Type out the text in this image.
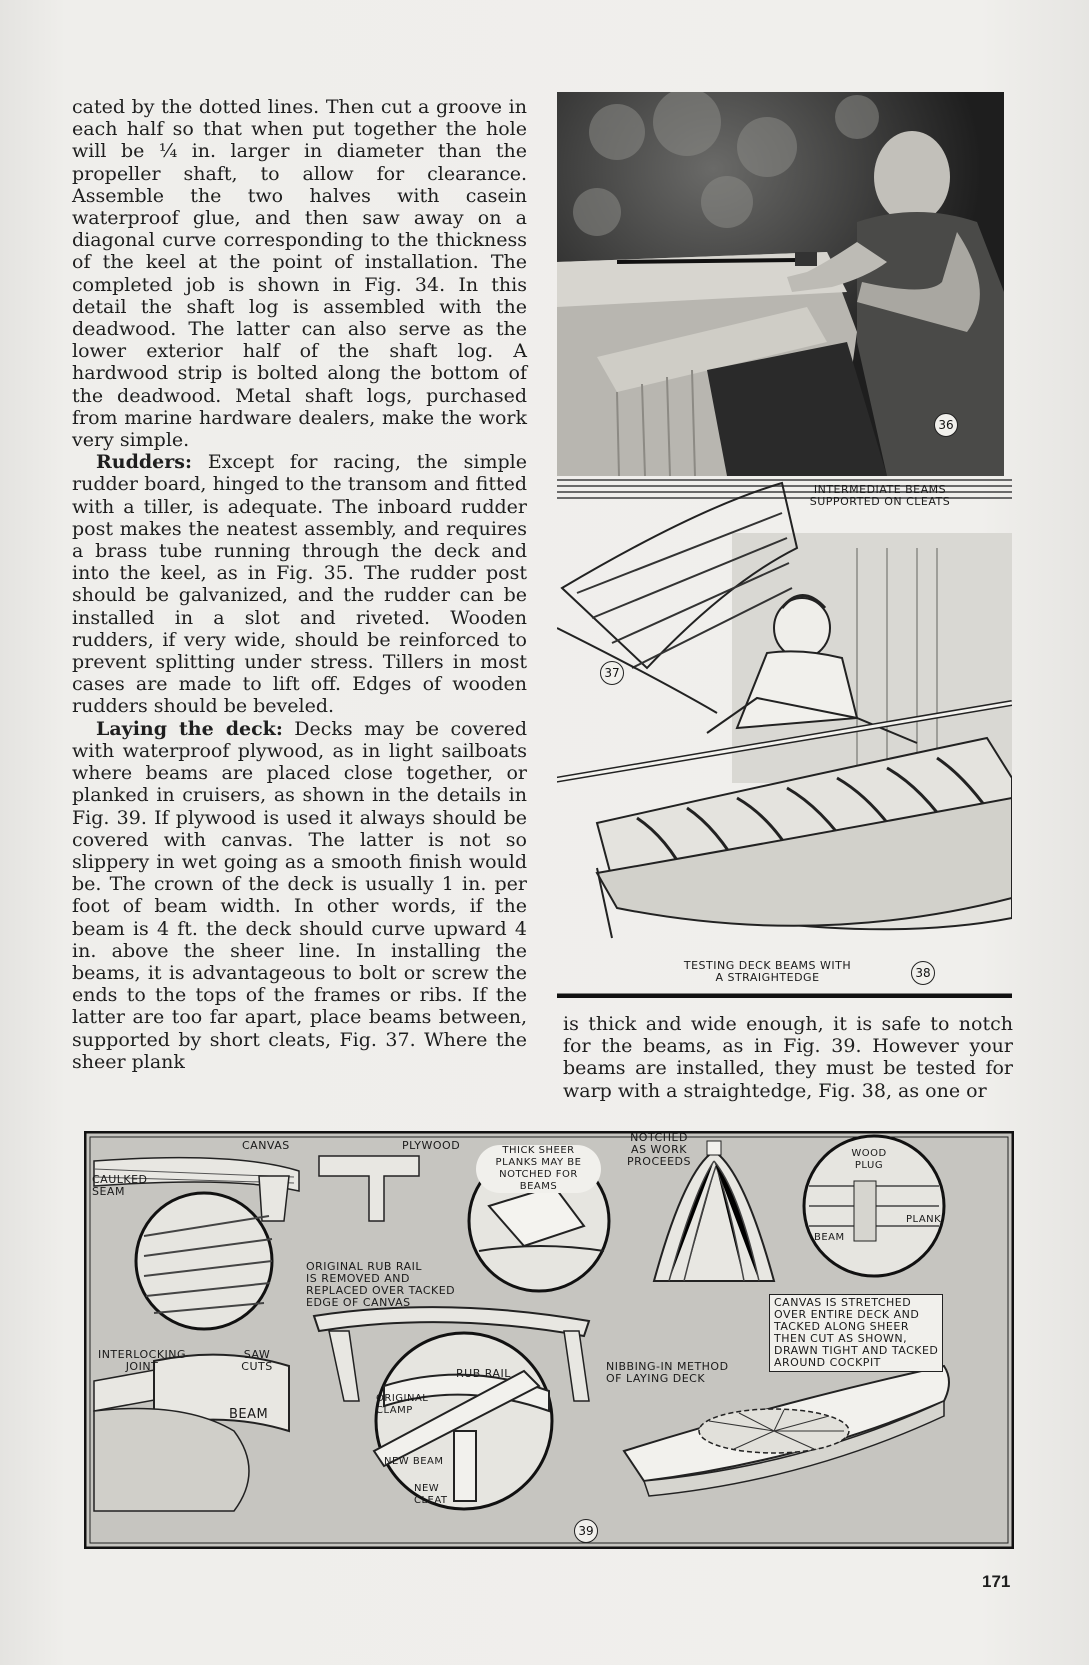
cated by the dotted lines. Then cut a groove in each half so that when put together the hole will be ¼ in. larger in diameter than the propeller shaft, to allow for clearance. Assemble the two halves with casein waterproof glue, and then saw away on a diagonal curve corresponding to the thickness of the keel at the point of installation. The completed job is shown in Fig. 34. In this detail the shaft log is assembled with the deadwood. The latter can also serve as the lower exterior half of the shaft log. A hardwood strip is bolted along the bottom of the deadwood. Metal shaft logs, purchased from marine hardware dealers, make the work very simple.

Rudders: Except for racing, the simple rudder board, hinged to the transom and fitted with a tiller, is adequate. The inboard rudder post makes the neatest assembly, and requires a brass tube running through the deck and into the keel, as in Fig. 35. The rudder post should be galvanized, and the rudder can be installed in a slot and riveted. Wooden rudders, if very wide, should be reinforced to prevent splitting under stress. Tillers in most cases are made to lift off. Edges of wooden rudders should be beveled.

Laying the deck: Decks may be covered with waterproof plywood, as in light sailboats where beams are placed close together, or planked in cruisers, as shown in the details in Fig. 39. If plywood is used it always should be covered with canvas. The latter is not so slippery in wet going as a smooth finish would be. The crown of the deck is usually 1 in. per foot of beam width. In other words, if the beam is 4 ft. the deck should curve upward 4 in. above the sheer line. In installing the beams, it is advantageous to bolt or screw the ends to the tops of the frames or ribs. If the latter are too far apart, place beams between, supported by short cleats, Fig. 37. Where the sheer plank

36
INTERMEDIATE BEAMS
SUPPORTED ON CLEATS
37
TESTING DECK BEAMS WITH
A STRAIGHTEDGE	38

is thick and wide enough, it is safe to notch for the beams, as in Fig. 39. However your beams are installed, they must be tested for warp with a straightedge, Fig. 38, as one or

CANVAS	PLYWOOD
CAULKED
SEAM
THICK SHEER
PLANKS MAY BE
NOTCHED FOR
BEAMS
NOTCHED
AS WORK
PROCEEDS
WOOD
PLUG
PLANK
BEAM
ORIGINAL RUB RAIL
IS REMOVED AND
REPLACED OVER TACKED
EDGE OF CANVAS	CANVAS IS STRETCHED
OVER ENTIRE DECK AND
TACKED ALONG SHEER
THEN CUT AS SHOWN,
DRAWN TIGHT AND TACKED
AROUND COCKPIT
INTERLOCKING
JOINT
SAW
CUTS
BEAM
RUB RAIL
ORIGINAL
CLAMP
NEW BEAM
NEW
CLEAT
NIBBING-IN METHOD
OF LAYING DECK
39
171
